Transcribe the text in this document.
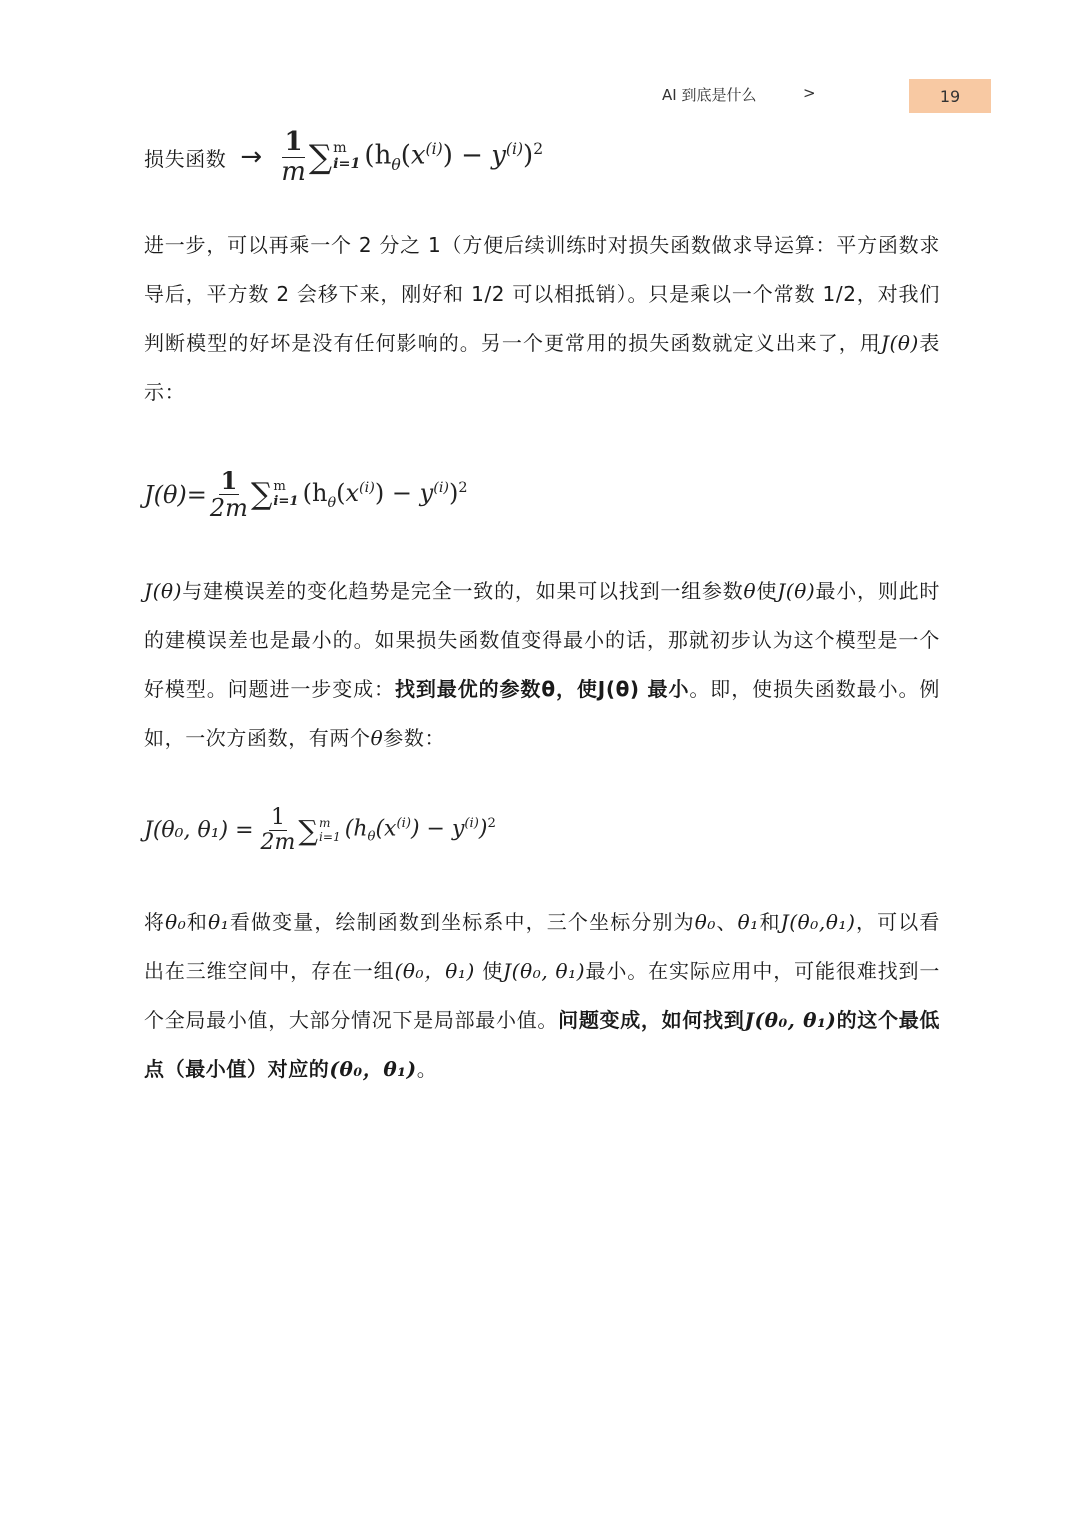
AI 到底是什么	>	19
损失函数 → $\frac{1}{m}$ ∑ m
i=1 $(h_\theta(x^{(i)}) - y^{(i)})^2$
进一步，可以再乘一个 2 分之 1（方便后续训练时对损失函数做求导运算：平方函数求导后，平方数 2 会移下来，刚好和 1/2 可以相抵销）。只是乘以一个常数 1/2，对我们判断模型的好坏是没有任何影响的。另一个更常用的损失函数就定义出来了，用J(θ)表示：
$J(\theta)= \frac{1}{2m}$ ∑ m
i=1 $(h_\theta(x^{(i)}) - y^{(i)})^2$
J(θ)与建模误差的变化趋势是完全一致的，如果可以找到一组参数θ使J(θ)最小，则此时的建模误差也是最小的。如果损失函数值变得最小的话，那就初步认为这个模型是一个好模型。问题进一步变成：找到最优的参数θ，使J(θ) 最小。即，使损失函数最小。例如，一次方函数，有两个θ参数：
J(θ₀, $\theta_1) = \frac{1}{2m}$ ∑ m
i=1 $(h_\theta(x^{(i)}) - y^{(i)})^2$
将θ₀和θ₁看做变量，绘制函数到坐标系中，三个坐标分别为θ₀、θ₁和J(θ₀,θ₁)，可以看出在三维空间中，存在一组(θ₀，θ₁) 使J(θ₀, θ₁)最小。在实际应用中，可能很难找到一个全局最小值，大部分情况下是局部最小值。问题变成，如何找到J(θ₀, θ₁)的这个最低点（最小值）对应的(θ₀，θ₁)。
